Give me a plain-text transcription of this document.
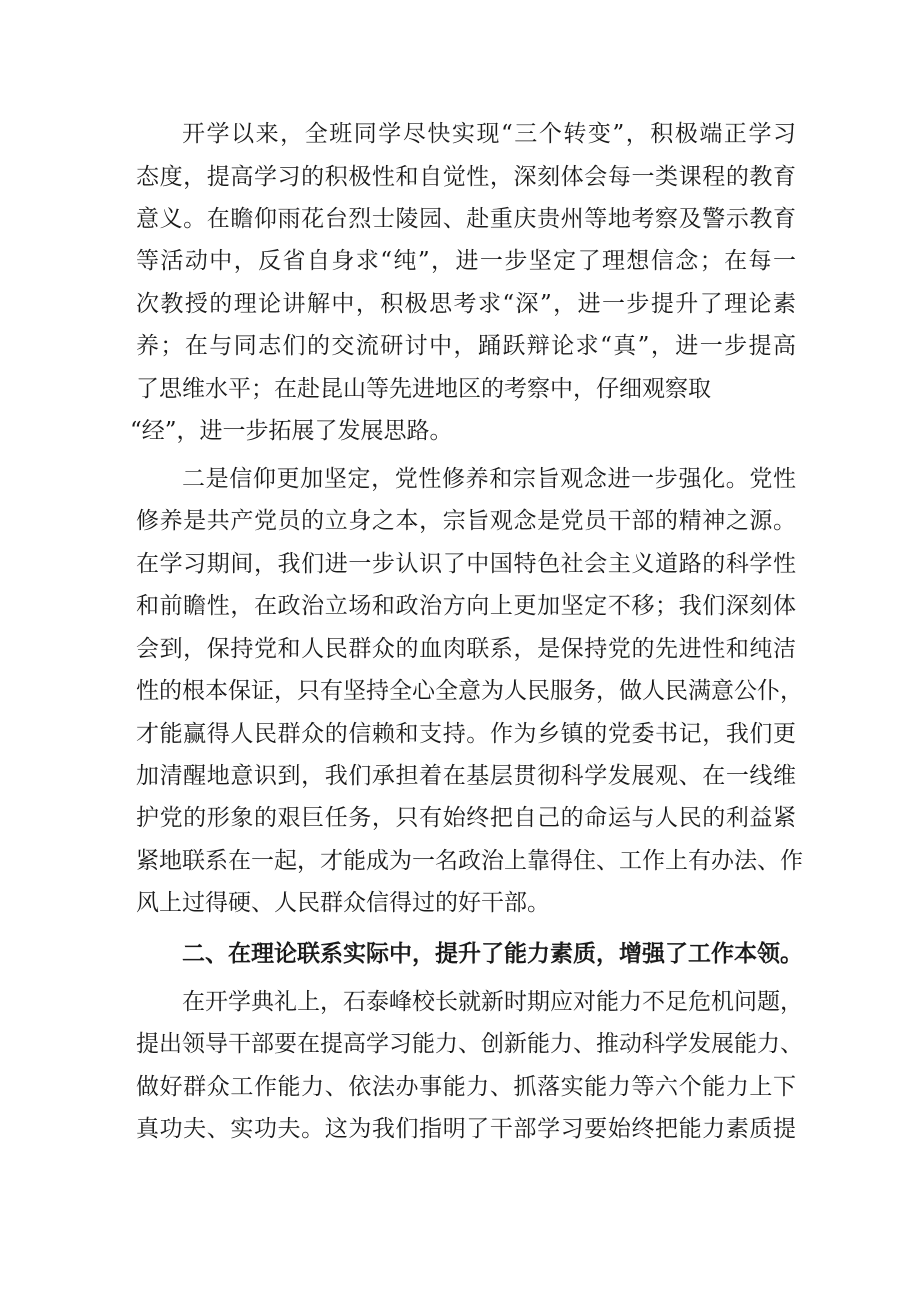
开学以来，全班同学尽快实现“三个转变”，积极端正学习
态度，提高学习的积极性和自觉性，深刻体会每一类课程的教育
意义。在瞻仰雨花台烈士陵园、赴重庆贵州等地考察及警示教育
等活动中，反省自身求“纯”，进一步坚定了理想信念；在每一
次教授的理论讲解中，积极思考求“深”，进一步提升了理论素
养；在与同志们的交流研讨中，踊跃辩论求“真”，进一步提高
了思维水平；在赴昆山等先进地区的考察中，仔细观察取
“经”，进一步拓展了发展思路。
二是信仰更加坚定，党性修养和宗旨观念进一步强化。党性
修养是共产党员的立身之本，宗旨观念是党员干部的精神之源。
在学习期间，我们进一步认识了中国特色社会主义道路的科学性
和前瞻性，在政治立场和政治方向上更加坚定不移；我们深刻体
会到，保持党和人民群众的血肉联系，是保持党的先进性和纯洁
性的根本保证，只有坚持全心全意为人民服务，做人民满意公仆，
才能赢得人民群众的信赖和支持。作为乡镇的党委书记，我们更
加清醒地意识到，我们承担着在基层贯彻科学发展观、在一线维
护党的形象的艰巨任务，只有始终把自己的命运与人民的利益紧
紧地联系在一起，才能成为一名政治上靠得住、工作上有办法、作
风上过得硬、人民群众信得过的好干部。
二、在理论联系实际中，提升了能力素质，增强了工作本领。
在开学典礼上，石泰峰校长就新时期应对能力不足危机问题，
提出领导干部要在提高学习能力、创新能力、推动科学发展能力、
做好群众工作能力、依法办事能力、抓落实能力等六个能力上下
真功夫、实功夫。这为我们指明了干部学习要始终把能力素质提
